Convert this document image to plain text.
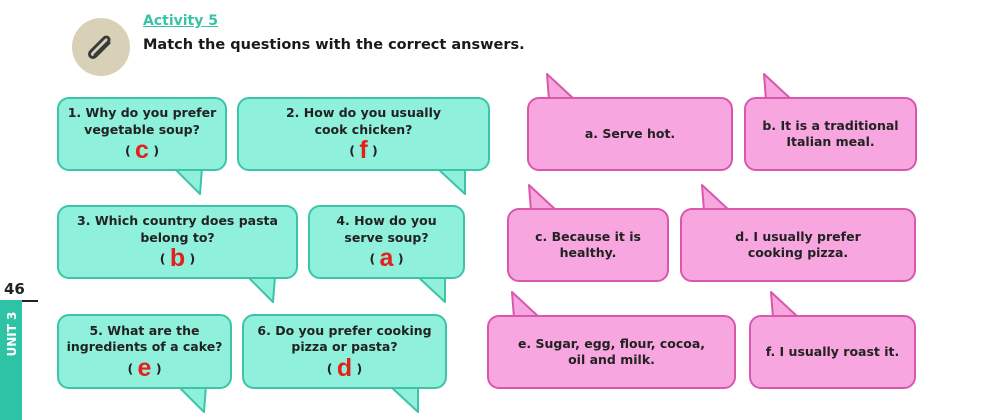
Activity 5
Match the questions with the correct answers.
1. Why do you prefer
vegetable soup?
( c )
2. How do you usually
cook chicken?
( f )
3. Which country does pasta
belong to?
( b )
4. How do you
serve soup?
( a )
5. What are the
ingredients of a cake?
( e )
6. Do you prefer cooking
pizza or pasta?
( d )
a. Serve hot.
b. It is a traditional
Italian meal.
c. Because it is
healthy.
d. I usually prefer
cooking pizza.
e. Sugar, egg, flour, cocoa,
oil and milk.
f. I usually roast it.
46
UNIT 3
